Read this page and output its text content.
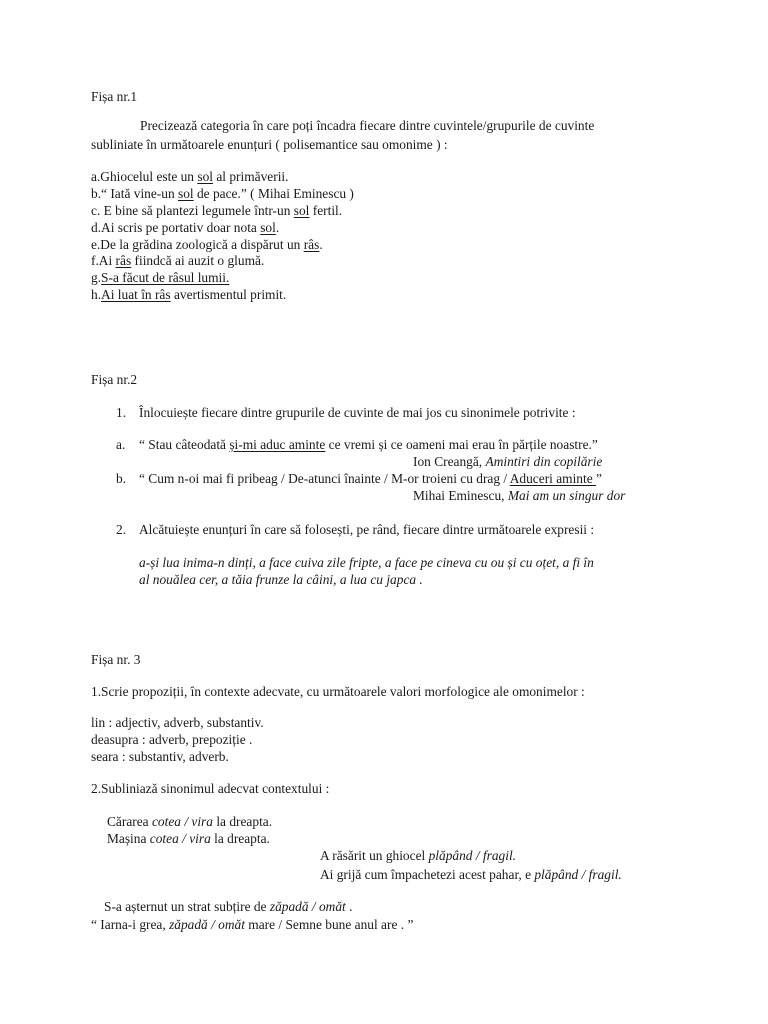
Fișa nr.1
Precizează categoria în care poți încadra fiecare dintre cuvintele/grupurile de cuvinte
subliniate în următoarele enunțuri ( polisemantice sau omonime ) :
a.Ghiocelul este un sol al primăverii.
b.“ Iată vine-un sol de pace.” ( Mihai Eminescu )
c. E bine să plantezi legumele într-un sol fertil.
d.Ai scris pe portativ doar nota sol.
e.De la grădina zoologică a dispărut un râs.
f.Ai râs fiindcă ai auzit o glumă.
g.S-a făcut de râsul lumii.
h.Ai luat în râs avertismentul primit.
Fișa nr.2
1. Înlocuiește fiecare dintre grupurile de cuvinte de mai jos cu sinonimele potrivite :
a. “ Stau câteodată și-mi aduc aminte ce vremi și ce oameni mai erau în părțile noastre.”
Ion Creangă, Amintiri din copilărie
b. “ Cum n-oi mai fi pribeag / De-atunci înainte / M-or troieni cu drag / Aduceri aminte ”
Mihai Eminescu, Mai am un singur dor
2. Alcătuiește enunțuri în care să folosești, pe rând, fiecare dintre următoarele expresii :
a-și lua inima-n dinți, a face cuiva zile fripte, a face pe cineva cu ou și cu oțet, a fi în
al nouălea cer, a tăia frunze la câini, a lua cu japca .
Fișa nr. 3
1.Scrie propoziții, în contexte adecvate, cu următoarele valori morfologice ale omonimelor :
lin : adjectiv, adverb, substantiv.
deasupra : adverb, prepoziție .
seara : substantiv, adverb.
2.Subliniază sinonimul adecvat contextului :
Cărarea cotea / vira la dreapta.
Mașina cotea / vira la dreapta.
A răsărit un ghiocel plăpând / fragil.
Ai grijă cum împachetezi acest pahar, e plăpând / fragil.
S-a așternut un strat subțire de zăpadă / omăt .
“ Iarna-i grea, zăpadă / omăt mare / Semne bune anul are . ”
